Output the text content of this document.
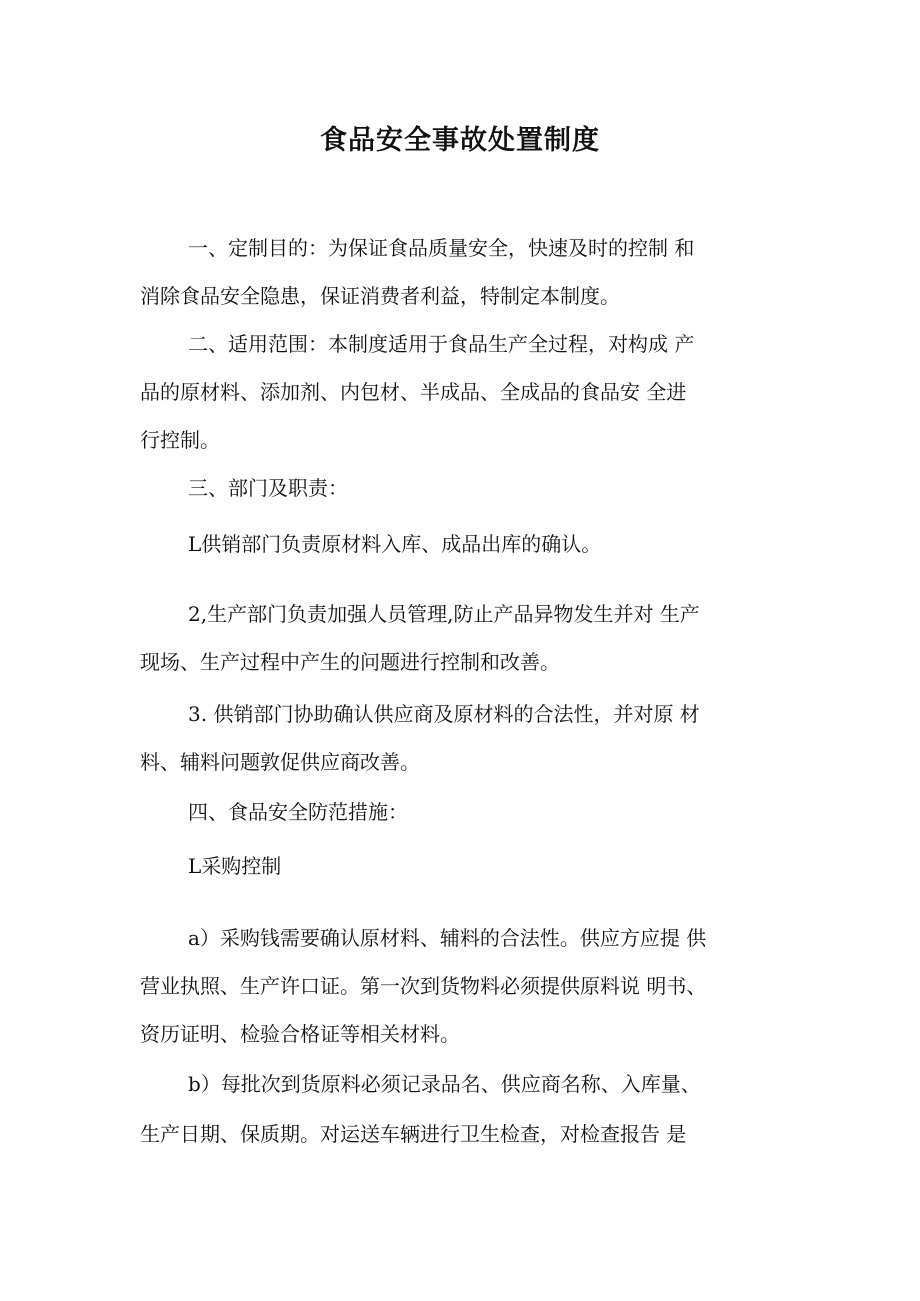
食品安全事故处置制度

一、定制目的：为保证食品质量安全，快速及时的控制 和

消除食品安全隐患，保证消费者利益，特制定本制度。

二、适用范围：本制度适用于食品生产全过程，对构成 产

品的原材料、添加剂、内包材、半成品、全成品的食品安 全进

行控制。

三、部门及职责：

L供销部门负责原材料入库、成品出库的确认。

2,生产部门负责加强人员管理,防止产品异物发生并对 生产

现场、生产过程中产生的问题进行控制和改善。

3. 供销部门协助确认供应商及原材料的合法性，并对原 材

料、辅料问题敦促供应商改善。

四、食品安全防范措施：

L采购控制

a）采购钱需要确认原材料、辅料的合法性。供应方应提 供

营业执照、生产许口证。第一次到货物料必须提供原料说 明书、

资历证明、检验合格证等相关材料。

b）每批次到货原料必须记录品名、供应商名称、入库量、

生产日期、保质期。对运送车辆进行卫生检查，对检查报告 是
